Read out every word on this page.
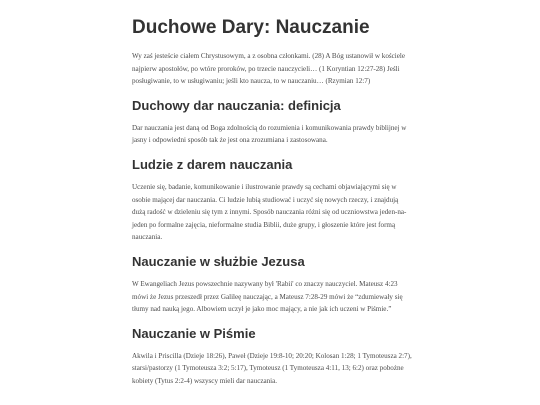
Duchowe Dary: Nauczanie

Wy zaś jesteście ciałem Chrystusowym, a z osobna członkami. (28) A Bóg ustanowił w kościele najpierw apostołów, po wtóre proroków, po trzecie nauczycieli… (1 Koryntian 12:27-28) Jeśli posługiwanie, to w usługiwaniu; jeśli kto naucza, to w nauczaniu… (Rzymian 12:7)

Duchowy dar nauczania: definicja

Dar nauczania jest daną od Boga zdolnością do rozumienia i komunikowania prawdy biblijnej w jasny i odpowiedni sposób tak że jest ona zrozumiana i zastosowana.

Ludzie z darem nauczania

Uczenie się, badanie, komunikowanie i ilustrowanie prawdy są cechami objawiającymi się w osobie mającej dar nauczania. Ci ludzie lubią studiować i uczyć się nowych rzeczy, i znajdują dużą radość w dzieleniu się tym z innymi. Sposób nauczania różni się od uczniowstwa jeden-na-jeden po formalne zajęcia, nieformalne studia Biblii, duże grupy, i głoszenie które jest formą nauczania.

Nauczanie w służbie Jezusa

W Ewangeliach Jezus powszechnie nazywany był 'Rabii' co znaczy nauczyciel. Mateusz 4:23 mówi że Jezus przeszedł przez Galileę nauczając, a Mateusz 7:28-29 mówi że “zdumiewały się tłumy nad nauką jego. Albowiem uczył je jako moc mający, a nie jak ich uczeni w Piśmie.”

Nauczanie w Piśmie

Akwila i Priscilla (Dzieje 18:26), Paweł (Dzieje 19:8-10; 20:20; Kolosan 1:28; 1 Tymoteusza 2:7), starsi/pastorzy (1 Tymoteusza 3:2; 5:17), Tymoteusz (1 Tymoteusza 4:11, 13; 6:2) oraz pobożne kobiety (Tytus 2:2-4) wszyscy mieli dar nauczania.
